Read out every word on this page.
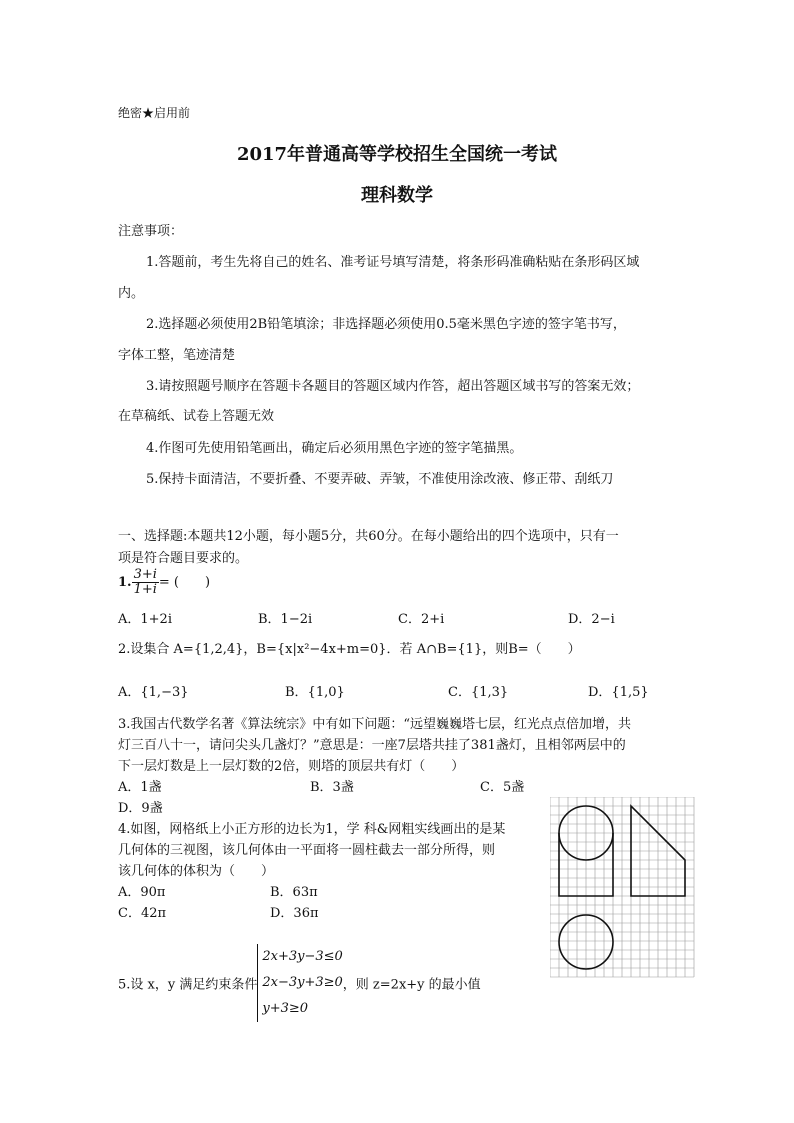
绝密★启用前
2017年普通高等学校招生全国统一考试
理科数学
注意事项：
1.答题前，考生先将自己的姓名、准考证号填写清楚，将条形码准确粘贴在条形码区域
内。
2.选择题必须使用2B铅笔填涂；非选择题必须使用0.5毫米黑色字迹的签字笔书写，
字体工整，笔迹清楚
3.请按照题号顺序在答题卡各题目的答题区域内作答，超出答题区域书写的答案无效；
在草稿纸、试卷上答题无效
4.作图可先使用铅笔画出，确定后必须用黑色字迹的签字笔描黑。
5.保持卡面清洁，不要折叠、不要弄破、弄皱，不准使用涂改液、修正带、刮纸刀
一、选择题:本题共12小题，每小题5分，共60分。在每小题给出的四个选项中，只有一
项是符合题目要求的。
1. $\frac{3+i}{1+i}$ = (　　)
A．1+2i	B．1−2i	C．2+i	D．2−i
2.设集合 A={1,2,4}，B={x|x²−4x+m=0}．若 A∩B={1}，则B=（　　）
A．{1,−3}	B．{1,0}	C．{1,3}	D．{1,5}
3.我国古代数学名著《算法统宗》中有如下问题：“远望巍巍塔七层，红光点点倍加增，共
灯三百八十一，请问尖头几盏灯？”意思是：一座7层塔共挂了381盏灯，且相邻两层中的
下一层灯数是上一层灯数的2倍，则塔的顶层共有灯（　　）
A．1盏	B．3盏	C．5盏
D．9盏
4.如图，网格纸上小正方形的边长为1，学 科&网粗实线画出的是某
几何体的三视图，该几何体由一平面将一圆柱截去一部分所得，则
该几何体的体积为（　　）
A．90π	B．63π
C．42π	D．36π
5.设 x，y 满足约束条件
2x+3y−3≤0
2x−3y+3≥0
y+3≥0
，则 z=2x+y 的最小值
